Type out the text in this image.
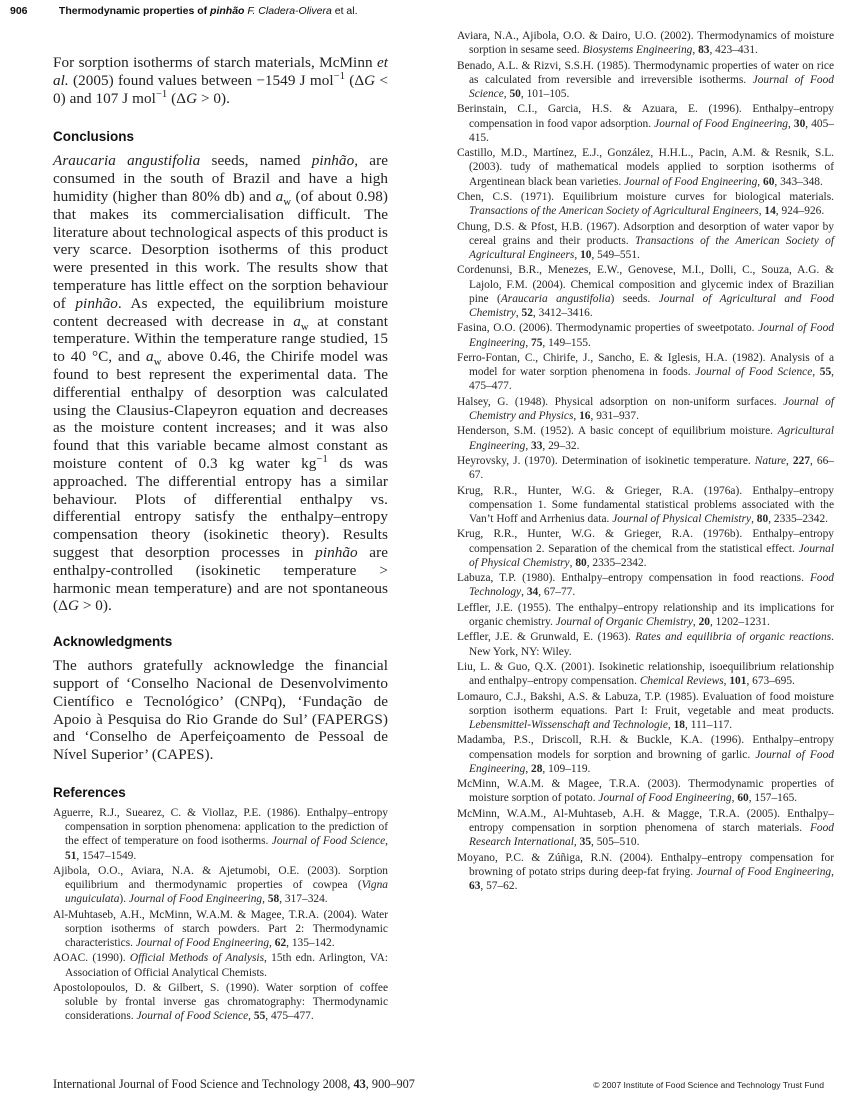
906	Thermodynamic properties of pinhão F. Cladera-Olivera et al.

For sorption isotherms of starch materials, McMinn et al. (2005) found values between −1549 J mol$^{-1}$ (ΔG < 0) and 107 J mol$^{-1}$ (ΔG > 0).

Conclusions

Araucaria angustifolia seeds, named pinhão, are consumed in the south of Brazil and have a high humidity (higher than 80% db) and $a_w$ (of about 0.98) that makes its commercialisation difficult. The literature about technological aspects of this product is very scarce. Desorption isotherms of this product were presented in this work. The results show that temperature has little effect on the sorption behaviour of pinhão. As expected, the equilibrium moisture content decreased with decrease in $a_w$ at constant temperature. Within the temperature range studied, 15 to 40 °C, and $a_w$ above 0.46, the Chirife model was found to best represent the experimental data. The differential enthalpy of desorption was calculated using the Clausius-Clapeyron equation and decreases as the moisture content increases; and it was also found that this variable became almost constant as moisture content of 0.3 kg water $kg^{-1}$ ds was approached. The differential entropy has a similar behaviour. Plots of differential enthalpy vs. differential entropy satisfy the enthalpy–entropy compensation theory (isokinetic theory). Results suggest that desorption processes in pinhão are enthalpy-controlled (isokinetic temperature > harmonic mean temperature) and are not spontaneous (ΔG > 0).

Acknowledgments

The authors gratefully acknowledge the financial support of ‘Conselho Nacional de Desenvolvimento Científico e Tecnológico’ (CNPq), ‘Fundação de Apoio à Pesquisa do Rio Grande do Sul’ (FAPERGS) and ‘Conselho de Aperfeiçoamento de Pessoal de Nível Superior’ (CAPES).

References
Aguerre, R.J., Suearez, C. & Viollaz, P.E. (1986). Enthalpy–entropy compensation in sorption phenomena: application to the prediction of the effect of temperature on food isotherms. Journal of Food Science, 51, 1547–1549.
Ajibola, O.O., Aviara, N.A. & Ajetumobi, O.E. (2003). Sorption equilibrium and thermodynamic properties of cowpea (Vigna unguiculata). Journal of Food Engineering, 58, 317–324.
Al-Muhtaseb, A.H., McMinn, W.A.M. & Magee, T.R.A. (2004). Water sorption isotherms of starch powders. Part 2: Thermodynamic characteristics. Journal of Food Engineering, 62, 135–142.
AOAC. (1990). Official Methods of Analysis, 15th edn. Arlington, VA: Association of Official Analytical Chemists.
Apostolopoulos, D. & Gilbert, S. (1990). Water sorption of coffee soluble by frontal inverse gas chromatography: Thermodynamic considerations. Journal of Food Science, 55, 475–477.
Aviara, N.A., Ajibola, O.O. & Dairo, U.O. (2002). Thermodynamics of moisture sorption in sesame seed. Biosystems Engineering, 83, 423–431.
Benado, A.L. & Rizvi, S.S.H. (1985). Thermodynamic properties of water on rice as calculated from reversible and irreversible isotherms. Journal of Food Science, 50, 101–105.
Berinstain, C.I., Garcia, H.S. & Azuara, E. (1996). Enthalpy–entropy compensation in food vapor adsorption. Journal of Food Engineering, 30, 405–415.
Castillo, M.D., Martínez, E.J., González, H.H.L., Pacin, A.M. & Resnik, S.L. (2003). tudy of mathematical models applied to sorption isotherms of Argentinean black bean varieties. Journal of Food Engineering, 60, 343–348.
Chen, C.S. (1971). Equilibrium moisture curves for biological materials. Transactions of the American Society of Agricultural Engineers, 14, 924–926.
Chung, D.S. & Pfost, H.B. (1967). Adsorption and desorption of water vapor by cereal grains and their products. Transactions of the American Society of Agricultural Engineers, 10, 549–551.
Cordenunsi, B.R., Menezes, E.W., Genovese, M.I., Dolli, C., Souza, A.G. & Lajolo, F.M. (2004). Chemical composition and glycemic index of Brazilian pine (Araucaria angustifolia) seeds. Journal of Agricultural and Food Chemistry, 52, 3412–3416.
Fasina, O.O. (2006). Thermodynamic properties of sweetpotato. Journal of Food Engineering, 75, 149–155.
Ferro-Fontan, C., Chirife, J., Sancho, E. & Iglesis, H.A. (1982). Analysis of a model for water sorption phenomena in foods. Journal of Food Science, 55, 475–477.
Halsey, G. (1948). Physical adsorption on non-uniform surfaces. Journal of Chemistry and Physics, 16, 931–937.
Henderson, S.M. (1952). A basic concept of equilibrium moisture. Agricultural Engineering, 33, 29–32.
Heyrovsky, J. (1970). Determination of isokinetic temperature. Nature, 227, 66–67.
Krug, R.R., Hunter, W.G. & Grieger, R.A. (1976a). Enthalpy–entropy compensation 1. Some fundamental statistical problems associated with the Van’t Hoff and Arrhenius data. Journal of Physical Chemistry, 80, 2335–2342.
Krug, R.R., Hunter, W.G. & Grieger, R.A. (1976b). Enthalpy–entropy compensation 2. Separation of the chemical from the statistical effect. Journal of Physical Chemistry, 80, 2335–2342.
Labuza, T.P. (1980). Enthalpy–entropy compensation in food reactions. Food Technology, 34, 67–77.
Leffler, J.E. (1955). The enthalpy–entropy relationship and its implications for organic chemistry. Journal of Organic Chemistry, 20, 1202–1231.
Leffler, J.E. & Grunwald, E. (1963). Rates and equilibria of organic reactions. New York, NY: Wiley.
Liu, L. & Guo, Q.X. (2001). Isokinetic relationship, isoequilibrium relationship and enthalpy–entropy compensation. Chemical Reviews, 101, 673–695.
Lomauro, C.J., Bakshi, A.S. & Labuza, T.P. (1985). Evaluation of food moisture sorption isotherm equations. Part I: Fruit, vegetable and meat products. Lebensmittel-Wissenschaft and Technologie, 18, 111–117.
Madamba, P.S., Driscoll, R.H. & Buckle, K.A. (1996). Enthalpy–entropy compensation models for sorption and browning of garlic. Journal of Food Engineering, 28, 109–119.
McMinn, W.A.M. & Magee, T.R.A. (2003). Thermodynamic properties of moisture sorption of potato. Journal of Food Engineering, 60, 157–165.
McMinn, W.A.M., Al-Muhtaseb, A.H. & Magge, T.R.A. (2005). Enthalpy–entropy compensation in sorption phenomena of starch materials. Food Research International, 35, 505–510.
Moyano, P.C. & Zúñiga, R.N. (2004). Enthalpy–entropy compensation for browning of potato strips during deep-fat frying. Journal of Food Engineering, 63, 57–62.
International Journal of Food Science and Technology 2008, 43, 900–907	© 2007 Institute of Food Science and Technology Trust Fund
